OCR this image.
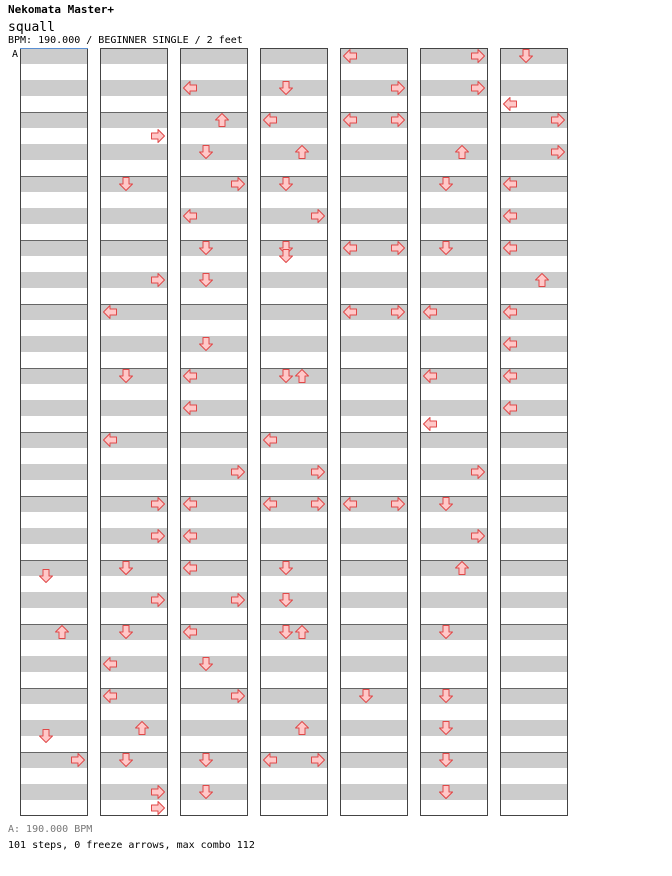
Nekomata Master+
squall
BPM: 190.000 / BEGINNER SINGLE / 2 feet
A
A: 190.000 BPM
101 steps, 0 freeze arrows, max combo 112
